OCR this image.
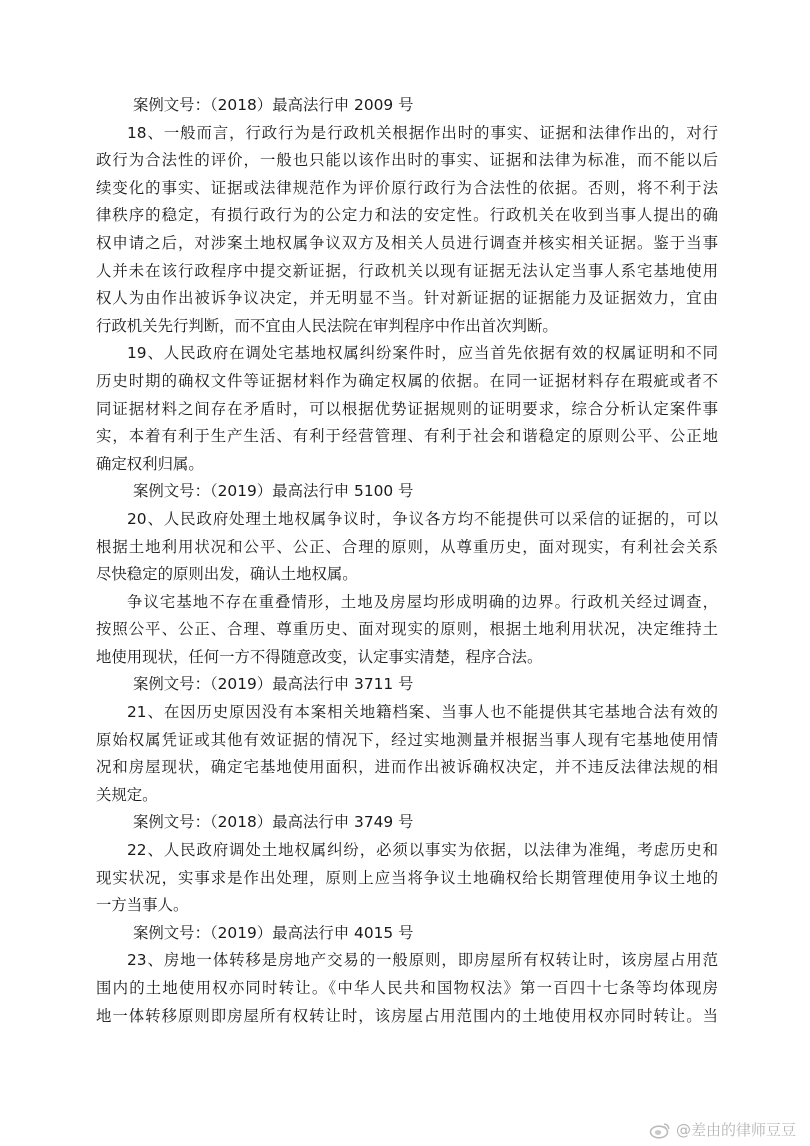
案例文号：（2018）最高法行申 2009 号
18、一般而言，行政行为是行政机关根据作出时的事实、证据和法律作出的，对行
政行为合法性的评价，一般也只能以该作出时的事实、证据和法律为标准，而不能以后
续变化的事实、证据或法律规范作为评价原行政行为合法性的依据。否则，将不利于法
律秩序的稳定，有损行政行为的公定力和法的安定性。行政机关在收到当事人提出的确
权申请之后，对涉案土地权属争议双方及相关人员进行调查并核实相关证据。鉴于当事
人并未在该行政程序中提交新证据，行政机关以现有证据无法认定当事人系宅基地使用
权人为由作出被诉争议决定，并无明显不当。针对新证据的证据能力及证据效力，宜由
行政机关先行判断，而不宜由人民法院在审判程序中作出首次判断。
19、人民政府在调处宅基地权属纠纷案件时，应当首先依据有效的权属证明和不同
历史时期的确权文件等证据材料作为确定权属的依据。在同一证据材料存在瑕疵或者不
同证据材料之间存在矛盾时，可以根据优势证据规则的证明要求，综合分析认定案件事
实，本着有利于生产生活、有利于经营管理、有利于社会和谐稳定的原则公平、公正地
确定权利归属。
案例文号：（2019）最高法行申 5100 号
20、人民政府处理土地权属争议时，争议各方均不能提供可以采信的证据的，可以
根据土地利用状况和公平、公正、合理的原则，从尊重历史，面对现实，有利社会关系
尽快稳定的原则出发，确认土地权属。
争议宅基地不存在重叠情形，土地及房屋均形成明确的边界。行政机关经过调查，
按照公平、公正、合理、尊重历史、面对现实的原则，根据土地利用状况，决定维持土
地使用现状，任何一方不得随意改变，认定事实清楚，程序合法。
案例文号：（2019）最高法行申 3711 号
21、在因历史原因没有本案相关地籍档案、当事人也不能提供其宅基地合法有效的
原始权属凭证或其他有效证据的情况下，经过实地测量并根据当事人现有宅基地使用情
况和房屋现状，确定宅基地使用面积，进而作出被诉确权决定，并不违反法律法规的相
关规定。
案例文号：（2018）最高法行申 3749 号
22、人民政府调处土地权属纠纷，必须以事实为依据，以法律为准绳，考虑历史和
现实状况，实事求是作出处理，原则上应当将争议土地确权给长期管理使用争议土地的
一方当事人。
案例文号：（2019）最高法行申 4015 号
23、房地一体转移是房地产交易的一般原则，即房屋所有权转让时，该房屋占用范
围内的土地使用权亦同时转让。《中华人民共和国物权法》第一百四十七条等均体现房
地一体转移原则即房屋所有权转让时，该房屋占用范围内的土地使用权亦同时转让。当
@差由的律师豆豆
